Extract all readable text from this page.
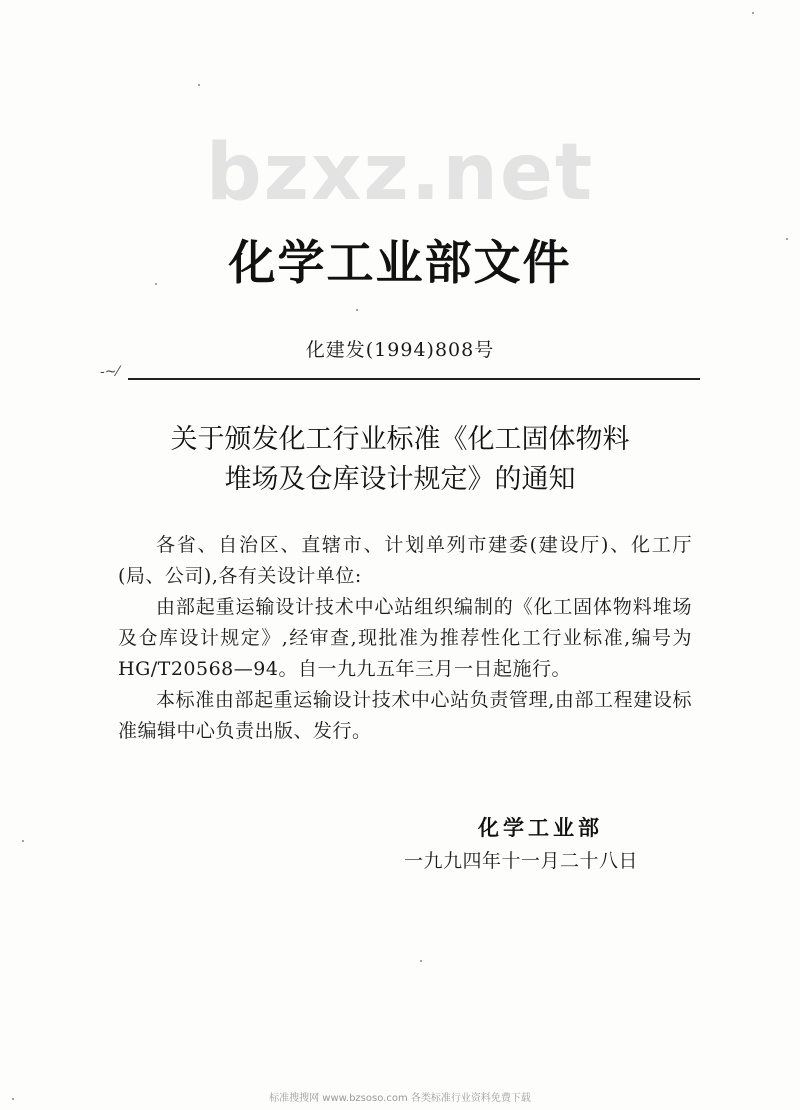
bzxz.net
化学工业部文件
化建发(1994)808号
-~⁄
关于颁发化工行业标准《化工固体物料
堆场及仓库设计规定》的通知

各省、自治区、直辖市、计划单列市建委(建设厅)、化工厅(局、公司),各有关设计单位:

由部起重运输设计技术中心站组织编制的《化工固体物料堆场及仓库设计规定》,经审查,现批准为推荐性化工行业标准,编号为HG/T20568—94。自一九九五年三月一日起施行。

本标准由部起重运输设计技术中心站负责管理,由部工程建设标准编辑中心负责出版、发行。

化学工业部
一九九四年十一月二十八日
标准搜搜网 www.bzsoso.com 各类标准行业资料免费下载
